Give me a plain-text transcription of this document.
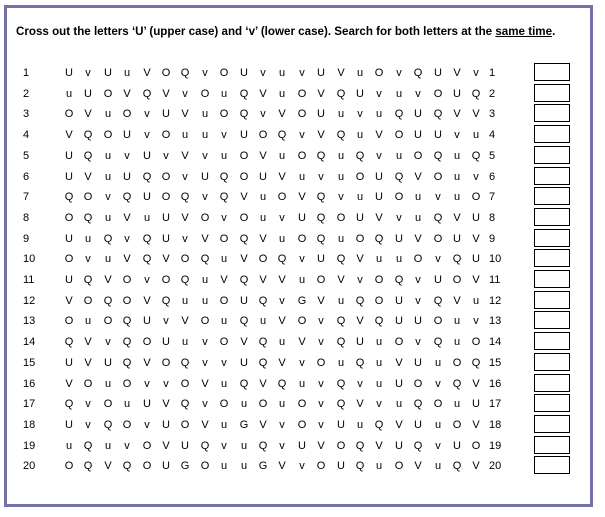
Cross out the letters ‘U’ (upper case) and ‘v’ (lower case). Search for both letters at the same time.
1	U v U u V O Q v O U v u v U V u O v Q U V v 1
2	u U O V Q V v O u Q V u O V Q U v u v O U Q 2
3	O V u O v U V u O Q v V O U u v u Q U Q V V 3
4	V Q O U v O u u v U O Q v V Q u V O U U v u 4
5	U Q u v U v V v u O V u O Q u Q v u O Q u Q 5
6	U V u U Q O v U Q O U V u v u O U Q V O u v 6
7	Q O v Q U O Q v Q V u O V Q v u U O u v u O 7
8	O Q u V u U V O v O u v U Q O U V v u Q V U 8
9	U u Q v Q U v V O Q V u O Q u O Q U V O U V 9
10	O v u V Q V O Q u V O Q v U Q V u u O v Q U 10
11	U Q V O v O Q u V Q V V u O V v O Q v U O V 11
12	V O Q O V Q u u O U Q v G V u Q O U v Q V u 12
13	O u O Q U v V O u Q u V O v Q V Q U U O u v 13
14	Q V v Q O U u v O V Q u V v Q U u O v Q u O 14
15	U V U Q V O Q v v U Q V v O u Q u V U u O Q 15
16	V O u O v v O V u Q V Q u v Q v u U O v Q V 16
17	Q v O u U V Q v O u O u O v Q V v u Q O u U 17
18	U v Q O v U O V u G V v O v U u Q V U u O V 18
19	u Q u v O V U Q v u Q v U V O Q V U Q v U O 19
20	O Q V Q O U G O u u G V v O U Q u O V u Q V 20
